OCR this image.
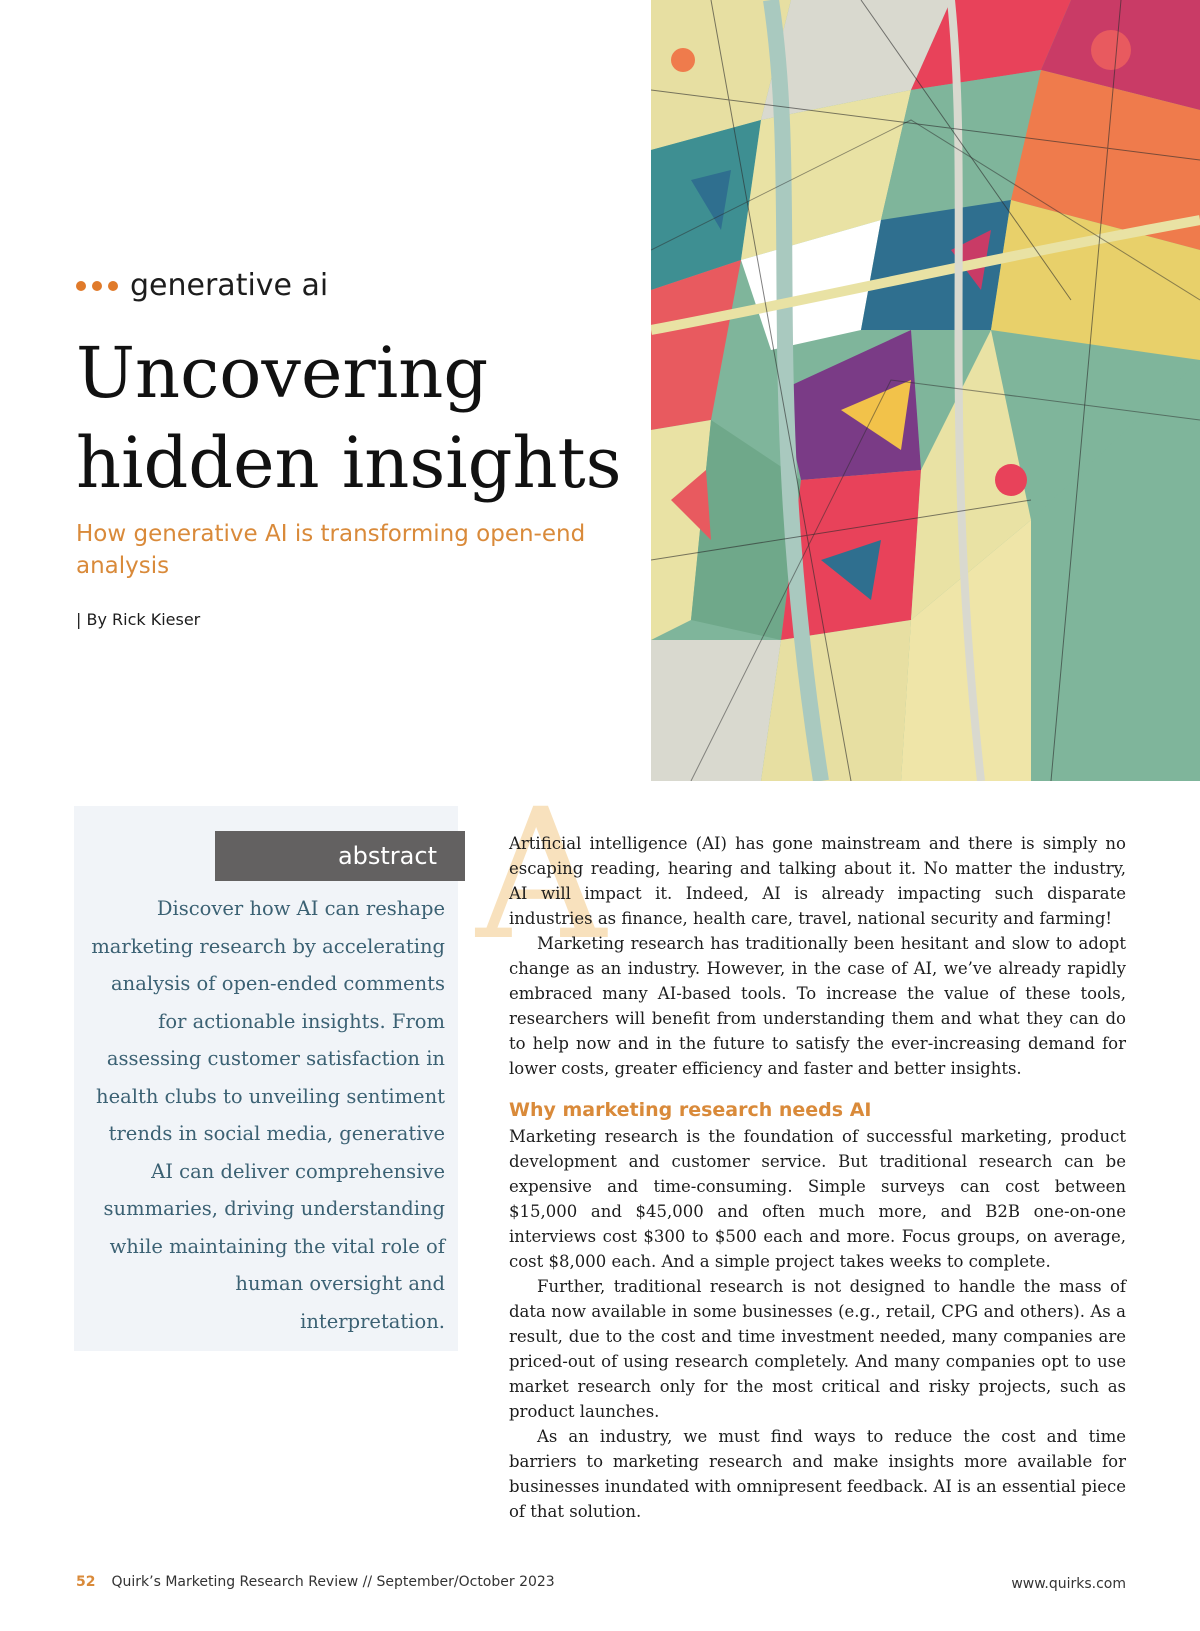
generative ai
Uncovering hidden insights
How generative AI is transforming open-end analysis
| By Rick Kieser
abstract

Discover how AI can reshape marketing research by accelerating analysis of open-ended comments for actionable insights. From assessing customer satisfaction in health clubs to unveiling sentiment trends in social media, generative AI can deliver comprehensive summaries, driving understanding while maintaining the vital role of human oversight and interpretation.

A

Artificial intelligence (AI) has gone mainstream and there is simply no escaping reading, hearing and talking about it. No matter the industry, AI will impact it. Indeed, AI is already impacting such disparate industries as finance, health care, travel, national security and farming!

Marketing research has traditionally been hesitant and slow to adopt change as an industry. However, in the case of AI, we’ve already rapidly embraced many AI-based tools. To increase the value of these tools, researchers will benefit from understanding them and what they can do to help now and in the future to satisfy the ever-increasing demand for lower costs, greater efficiency and faster and better insights.

Why marketing research needs AI

Marketing research is the foundation of successful marketing, product development and customer service. But traditional research can be expensive and time-consuming. Simple surveys can cost between $15,000 and $45,000 and often much more, and B2B one-on-one interviews cost $300 to $500 each and more. Focus groups, on average, cost $8,000 each. And a simple project takes weeks to complete.

Further, traditional research is not designed to handle the mass of data now available in some businesses (e.g., retail, CPG and others). As a result, due to the cost and time investment needed, many companies are priced-out of using research completely. And many companies opt to use market research only for the most critical and risky projects, such as product launches.

As an industry, we must find ways to reduce the cost and time barriers to marketing research and make insights more available for businesses inundated with omnipresent feedback. AI is an essential piece of that solution.

52 Quirk’s Marketing Research Review // September/October 2023	www.quirks.com
